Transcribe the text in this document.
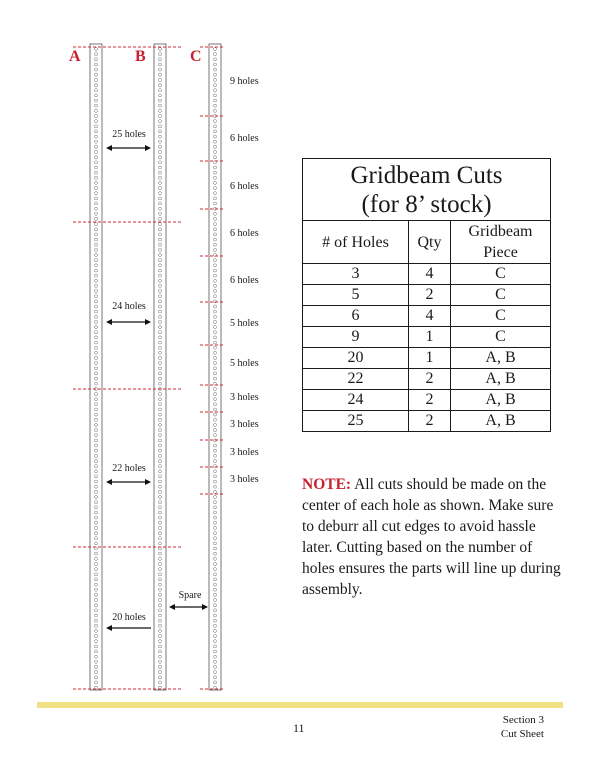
A	B	C
25 holes
24 holes
22 holes
20 holes
9 holes
6 holes
6 holes
6 holes
6 holes
5 holes
5 holes
3 holes
3 holes
3 holes
3 holes
Spare
Gridbeam Cuts
(for 8’ stock)		
# of Holes	Qty	Gridbeam Piece
3	4	C
5	2	C
6	4	C
9	1	C
20	1	A, B
22	2	A, B
24	2	A, B
25	2	A, B

NOTE: All cuts should be made on the center of each hole as shown. Make sure to deburr all cut edges to avoid hassle later. Cutting based on the number of holes ensures the parts will line up during assembly.

11
Section 3
Cut Sheet
